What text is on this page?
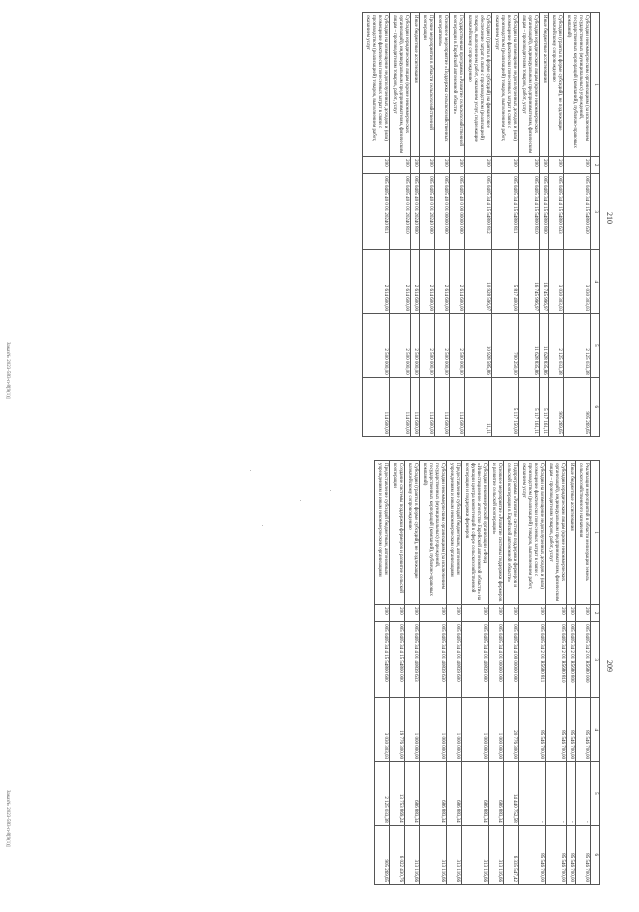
210
1	2	3	4	5	6
Субсидии некоммерческим организациям (за исключением государственных (муниципальных) учреждений, государственных корпораций (компаний), публично-правовых компаний)	200	005 0405 34 4 15 54800 630	3 030 303,03	2 125 033,38	905 269,65
Субсидии (гранты в форме субсидий), не подлежащие казначейскому сопровождению	200	005 0405 34 4 15 54800 633	3 030 303,03	2 125 033,38	905 269,65
Иные бюджетные ассигнования	200	005 0405 34 4 15 54800 800	16 745 996,97	11 628 835,86	5 117 161,11
Субсидии юридическим лицам (кроме некоммерческих организаций), индивидуальным предпринимателям, физическим лицам – производителям товаров, работ, услуг	200	005 0405 34 4 15 54800 810	16 745 996,97	11 628 835,86	5 117 161,11
Субсидии на возмещение недополученных доходов и (или) возмещение фактически понесенных затрат в связи с производством (реализацией) товаров, выполнением работ, оказанием услуг	200	005 0405 34 4 15 54800 811	5 817 400,00	700 250,00	5 117 150,00
Субсидии (гранты в форме субсидий) на финансовое обеспечение затрат в связи с производством (реализацией) товаров, выполнением работ, оказанием услуг, подлежащие казначейскому сопровождению	200	005 0405 34 4 15 54800 812	10 928 596,97	10 928 585,86	11,11
Государственная программа «Развитие сельскохозяйственной кооперации в Еврейской автономной области»	200	005 0405 40 0 00 00000 000	2 614 600,00	2 500 000,00	114 600,00
Основное мероприятие «Поддержка сельскохозяйственных кооперативов»	200	005 0405 40 0 01 00000 000	2 614 600,00	2 500 000,00	114 600,00
Прочие мероприятия в области сельскохозяйственной кооперации	200	005 0405 40 0 01 20240 000	2 614 600,00	2 500 000,00	114 600,00
Иные бюджетные ассигнования	200	005 0405 40 0 01 20240 800	2 614 600,00	2 500 000,00	114 600,00
Субсидии юридическим лицам (кроме некоммерческих организаций), индивидуальным предпринимателям, физическим лицам – производителям товаров, работ, услуг	200	005 0405 40 0 01 20240 810	2 614 600,00	2 500 000,00	114 600,00
Субсидии на возмещение недополученных доходов и (или) возмещение фактически понесенных затрат в связи с производством (реализацией) товаров, выполнением работ, оказанием услуг	200	005 0405 40 0 01 20240 811	2 614 600,00	2 500 000,00	114 600,00
Заказ№ 2023-583-п-8[9(1)]
209
1	2	3	4	5	6
Реализация мероприятий в области мелиорации земель сельскохозяйственного назначения	200	005 0405 34 2 01 R5680 000	85 546 700,00	-	85 546 700,00
Иные бюджетные ассигнования	200	005 0405 34 2 01 R5680 800	85 546 700,00	-	85 546 700,00
Субсидии юридическим лицам (кроме некоммерческих организаций), индивидуальным предпринимателям, физическим лицам – производителям товаров, работ, услуг	200	005 0405 34 2 01 R5680 810	85 546 700,00	-	85 546 700,00
Субсидии на возмещение недополученных доходов и (или) возмещение фактически понесенных затрат в связи с производством (реализацией) товаров, выполнением работ, оказанием услуг	200	005 0405 34 2 01 R5680 811	85 546 700,00	-	85 546 700,00
Подпрограмма «Развитие системы поддержки фермеров и сельской кооперации в Еврейской автономной области»	200	005 0405 34 4 00 00000 000	20 776 300,00	14 440 752,58	6 335 547,42
Основное мероприятие «Развитие системы поддержки фермеров и развитие сельской кооперации»	200	005 0405 34 4 01 00000 000	1 000 000,00	686 883,34	313 116,66
Субсидия некоммерческой организации «Фонд «Инвестиционное агентство Еврейской автономной области» на функции центра компетенций в сфере сельскохозяйственной кооперации и поддержки фермеров	200	005 0405 34 4 01 40839 000	1 000 000,00	686 883,34	313 116,66
Предоставление субсидий бюджетным, автономным учреждениям и иным некоммерческим организациям	200	005 0405 34 4 01 40839 600	1 000 000,00	686 883,34	313 116,66
Субсидии некоммерческим организациям (за исключением государственных (муниципальных) учреждений, государственных корпораций (компаний), публично-правовых компаний)	200	005 0405 34 4 01 40839 630	1 000 000,00	686 883,34	313 116,66
Субсидии (гранты в форме субсидий), не подлежащие казначейскому сопровождению	200	005 0405 34 4 01 40839 633	1 000 000,00	686 883,34	313 116,66
Создание системы поддержки фермеров и развитие сельской кооперации	200	005 0405 34 4 15 54800 000	19 776 300,00	13 753 869,24	6 022 430,76
Предоставление субсидий бюджетным, автономным учреждениям и иным некоммерческим организациям	200	005 0405 34 4 15 54800 600	3 030 303,03	2 125 033,38	905 269,65
Заказ№ 2023-583-п-8[9(1)]
